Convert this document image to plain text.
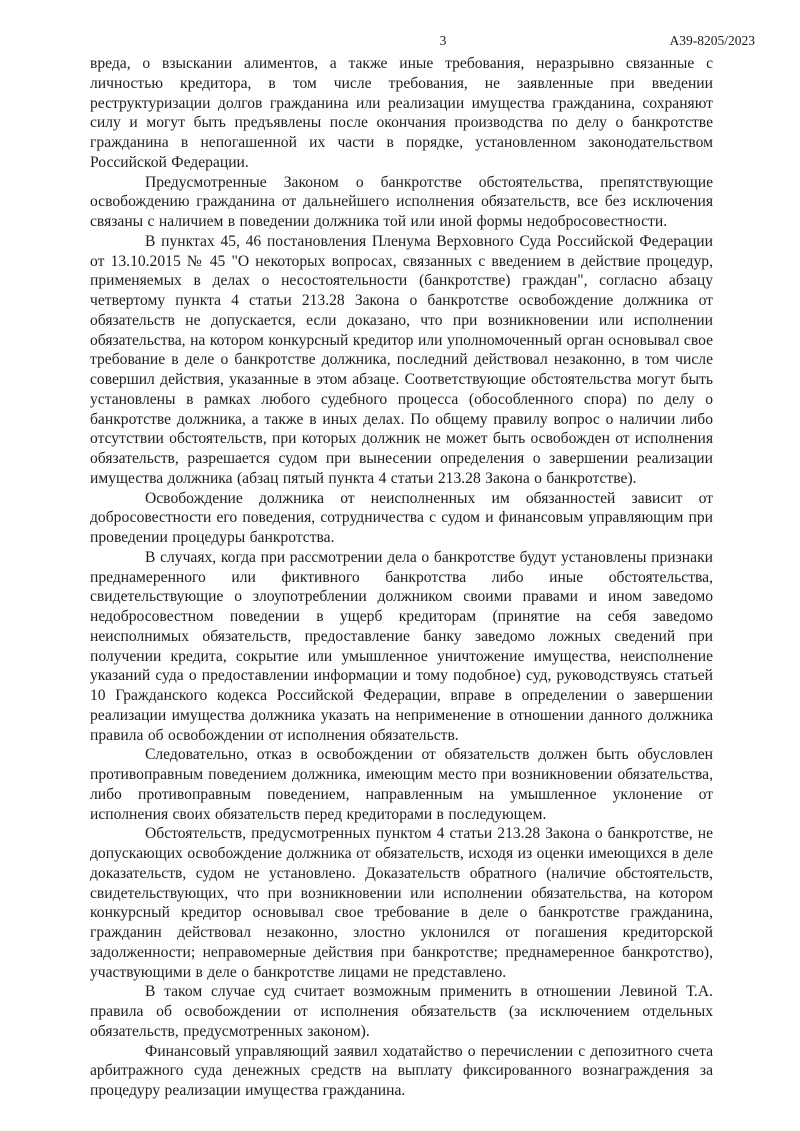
3	А39-8205/2023

вреда, о взыскании алиментов, а также иные требования, неразрывно связанные с личностью кредитора, в том числе требования, не заявленные при введении реструктуризации долгов гражданина или реализации имущества гражданина, сохраняют силу и могут быть предъявлены после окончания производства по делу о банкротстве гражданина в непогашенной их части в порядке, установленном законодательством Российской Федерации.

Предусмотренные Законом о банкротстве обстоятельства, препятствующие освобождению гражданина от дальнейшего исполнения обязательств, все без исключения связаны с наличием в поведении должника той или иной формы недобросовестности.

В пунктах 45, 46 постановления Пленума Верховного Суда Российской Федерации от 13.10.2015 № 45 "О некоторых вопросах, связанных с введением в действие процедур, применяемых в делах о несостоятельности (банкротстве) граждан", согласно абзацу четвертому пункта 4 статьи 213.28 Закона о банкротстве освобождение должника от обязательств не допускается, если доказано, что при возникновении или исполнении обязательства, на котором конкурсный кредитор или уполномоченный орган основывал свое требование в деле о банкротстве должника, последний действовал незаконно, в том числе совершил действия, указанные в этом абзаце. Соответствующие обстоятельства могут быть установлены в рамках любого судебного процесса (обособленного спора) по делу о банкротстве должника, а также в иных делах. По общему правилу вопрос о наличии либо отсутствии обстоятельств, при которых должник не может быть освобожден от исполнения обязательств, разрешается судом при вынесении определения о завершении реализации имущества должника (абзац пятый пункта 4 статьи 213.28 Закона о банкротстве).

Освобождение должника от неисполненных им обязанностей зависит от добросовестности его поведения, сотрудничества с судом и финансовым управляющим при проведении процедуры банкротства.

В случаях, когда при рассмотрении дела о банкротстве будут установлены признаки преднамеренного или фиктивного банкротства либо иные обстоятельства, свидетельствующие о злоупотреблении должником своими правами и ином заведомо недобросовестном поведении в ущерб кредиторам (принятие на себя заведомо неисполнимых обязательств, предоставление банку заведомо ложных сведений при получении кредита, сокрытие или умышленное уничтожение имущества, неисполнение указаний суда о предоставлении информации и тому подобное) суд, руководствуясь статьей 10 Гражданского кодекса Российской Федерации, вправе в определении о завершении реализации имущества должника указать на неприменение в отношении данного должника правила об освобождении от исполнения обязательств.

Следовательно, отказ в освобождении от обязательств должен быть обусловлен противоправным поведением должника, имеющим место при возникновении обязательства, либо противоправным поведением, направленным на умышленное уклонение от исполнения своих обязательств перед кредиторами в последующем.

Обстоятельств, предусмотренных пунктом 4 статьи 213.28 Закона о банкротстве, не допускающих освобождение должника от обязательств, исходя из оценки имеющихся в деле доказательств, судом не установлено. Доказательств обратного (наличие обстоятельств, свидетельствующих, что при возникновении или исполнении обязательства, на котором конкурсный кредитор основывал свое требование в деле о банкротстве гражданина, гражданин действовал незаконно, злостно уклонился от погашения кредиторской задолженности; неправомерные действия при банкротстве; преднамеренное банкротство), участвующими в деле о банкротстве лицами не представлено.

В таком случае суд считает возможным применить в отношении Левиной Т.А. правила об освобождении от исполнения обязательств (за исключением отдельных обязательств, предусмотренных законом).

Финансовый управляющий заявил ходатайство о перечислении с депозитного счета арбитражного суда денежных средств на выплату фиксированного вознаграждения за процедуру реализации имущества гражданина.
